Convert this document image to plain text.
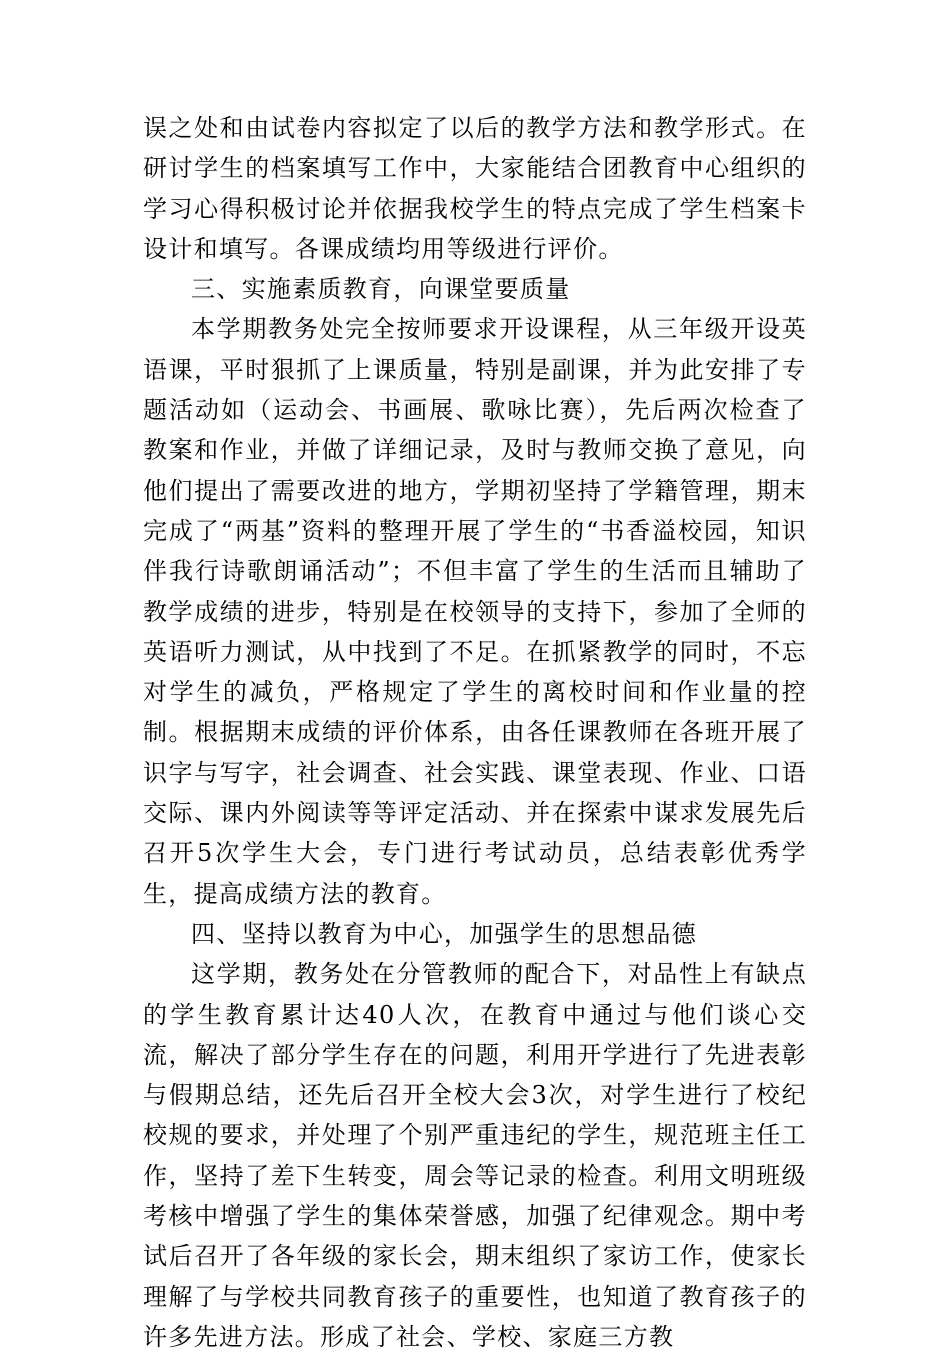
误之处和由试卷内容拟定了以后的教学方法和教学形式。在研讨学生的档案填写工作中，大家能结合团教育中心组织的学习心得积极讨论并依据我校学生的特点完成了学生档案卡设计和填写。各课成绩均用等级进行评价。

三、实施素质教育，向课堂要质量

本学期教务处完全按师要求开设课程，从三年级开设英语课，平时狠抓了上课质量，特别是副课，并为此安排了专题活动如（运动会、书画展、歌咏比赛），先后两次检查了教案和作业，并做了详细记录，及时与教师交换了意见，向他们提出了需要改进的地方，学期初坚持了学籍管理，期末完成了“两基”资料的整理开展了学生的“书香溢校园，知识伴我行诗歌朗诵活动”；不但丰富了学生的生活而且辅助了教学成绩的进步，特别是在校领导的支持下，参加了全师的英语听力测试，从中找到了不足。在抓紧教学的同时，不忘对学生的减负，严格规定了学生的离校时间和作业量的控制。根据期末成绩的评价体系，由各任课教师在各班开展了识字与写字，社会调查、社会实践、课堂表现、作业、口语交际、课内外阅读等等评定活动、并在探索中谋求发展先后召开5次学生大会，专门进行考试动员，总结表彰优秀学生，提高成绩方法的教育。

四、坚持以教育为中心，加强学生的思想品德

这学期，教务处在分管教师的配合下，对品性上有缺点的学生教育累计达40人次，在教育中通过与他们谈心交流，解决了部分学生存在的问题，利用开学进行了先进表彰与假期总结，还先后召开全校大会3次，对学生进行了校纪校规的要求，并处理了个别严重违纪的学生，规范班主任工作，坚持了差下生转变，周会等记录的检查。利用文明班级考核中增强了学生的集体荣誉感，加强了纪律观念。期中考试后召开了各年级的家长会，期末组织了家访工作，使家长理解了与学校共同教育孩子的重要性，也知道了教育孩子的许多先进方法。形成了社会、学校、家庭三方教
